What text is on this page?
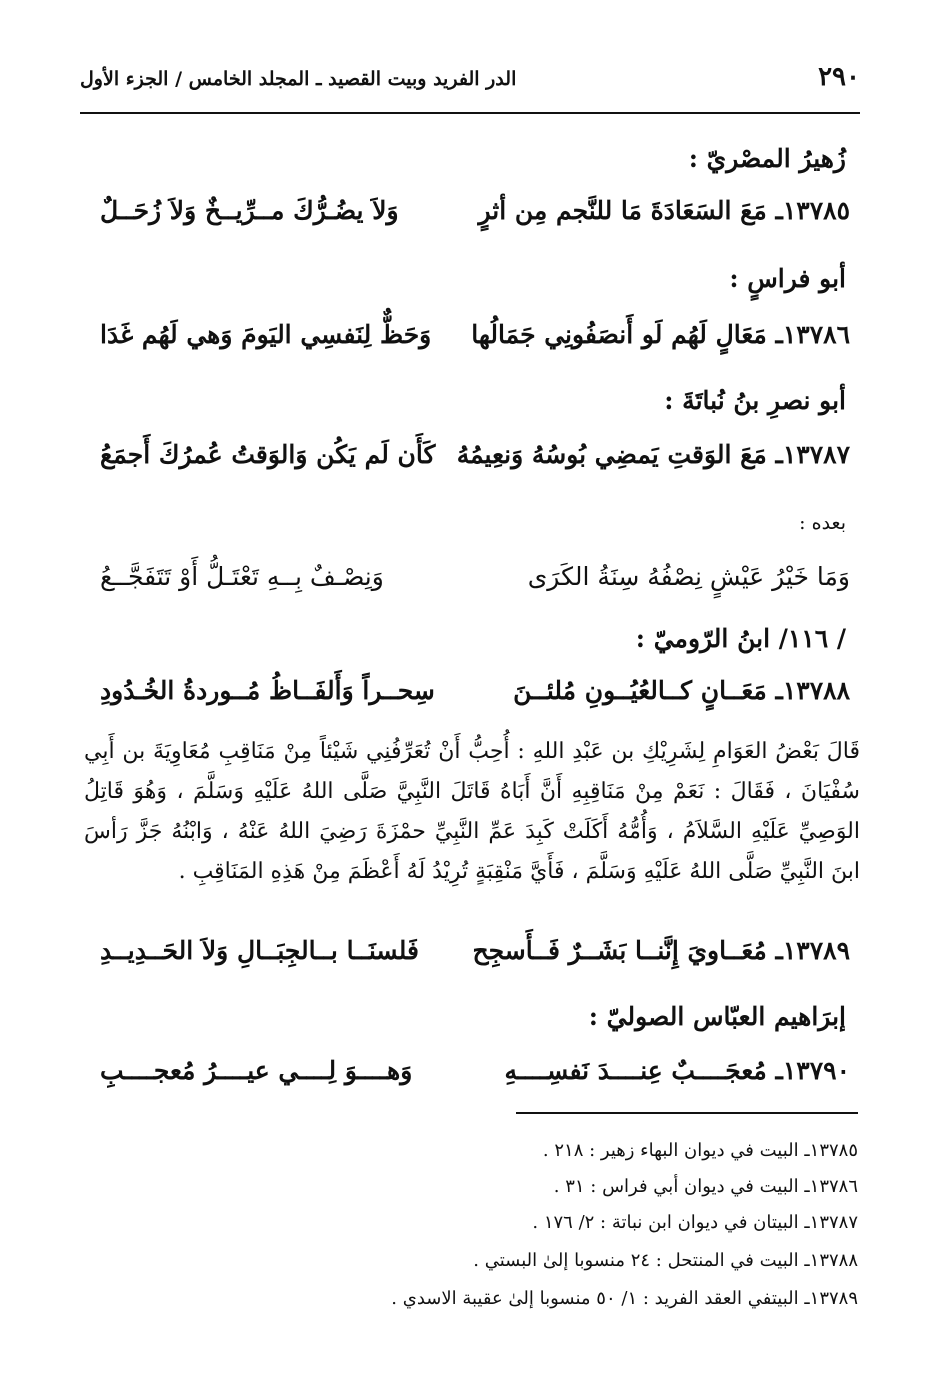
٢٩٠
الدر الفريد وبيت القصيد ـ المجلد الخامس / الجزء الأول
زُهيرُ المصْريّ :
١٣٧٨٥ـ مَعَ السَعَادَةَ مَا للنَّجم مِن أثرٍ
وَلاَ يضُـرُّكَ مــرِّيــخٌ وَلاَ زُحَــلٌ
أبو فراسٍ :
١٣٧٨٦ـ مَعَالٍ لَهُم لَو أَنصَفُونِي جَمَالُها
وَحَظٌّ لِنَفسِي اليَومَ وَهي لَهُم غَدَا
أبو نصرِ بنُ نُباتَةَ :
١٣٧٨٧ـ مَعَ الوَقتِ يَمضِي بُوسُهُ وَنعِيمُهُ
كَأَن لَم يَكُن وَالوَقتُ عُمرُكَ أَجمَعُ
بعده :
وَمَا خَيْرُ عَيْشٍ نِصْفُهُ سِنَةُ الكَرَى
وَنِصْـفٌ بِــهِ تَعْتَـلُّ أَوْ تَتَفَجَّــعُ
/ ١١٦/ ابنُ الرّوميّ :
١٣٧٨٨ـ مَعَــانٍ كــالعُيُــونِ مُلئــنَ
سِحــراً وَأَلفَــاظُ مُــوردةُ الخُـدُودِ
قَالَ بَعْضُ العَوَامِ لِشَرِيْكِ بن عَبْدِ اللهِ : أُحِبُّ أَنْ تُعَرِّفُنِي شَيْئاً مِنْ مَنَاقِبِ مُعَاوِيَةَ بن أَبِي سُفْيَانَ ، فَقَالَ : نَعَمْ مِنْ مَنَاقِبِهِ أَنَّ أَبَاهُ قَاتَلَ النَّبِيَّ صَلَّى اللهُ عَلَيْهِ وَسَلَّمَ ، وَهُوَ قَاتِلُ الوَصِيِّ عَلَيْهِ السَّلاَمُ ، وَأُمُّهُ أَكَلَتْ كَبِدَ عَمِّ النَّبِيِّ حمْزَةَ رَضِيَ اللهُ عَنْهُ ، وَابْنُهُ جَزَّ رَأسَ ابنَ النَّبِيِّ صَلَّى اللهُ عَلَيْهِ وَسَلَّمَ ، فَأَيَّ مَنْقِبَةٍ تُرِيْدُ لَهُ أَعْظَمَ مِنْ هَذِهِ المَنَاقِبِ .
١٣٧٨٩ـ مُعَــاويَ إِنَّنــا بَشَــرٌ فَــأَسجِح
فَلسنَــا بــالجِبَــالِ وَلاَ الحَــدِيــدِ
إبرَاهيم العبّاس الصوليّ :
١٣٧٩٠ـ مُعجَــــبٌ عِنــــدَ نَفسِــــهِ
وَهــــوَ لِــــي عيــــرُ مُعجــــبِ
١٣٧٨٥ـ البيت في ديوان البهاء زهير : ٢١٨ .
١٣٧٨٦ـ البيت في ديوان أبي فراس : ٣١ .
١٣٧٨٧ـ البيتان في ديوان ابن نباتة : ٢/ ١٧٦ .
١٣٧٨٨ـ البيت في المنتحل : ٢٤ منسوبا إلىٰ البستي .
١٣٧٨٩ـ البيتفي العقد الفريد : ١/ ٥٠ منسوبا إلىٰ عقيبة الاسدي .
